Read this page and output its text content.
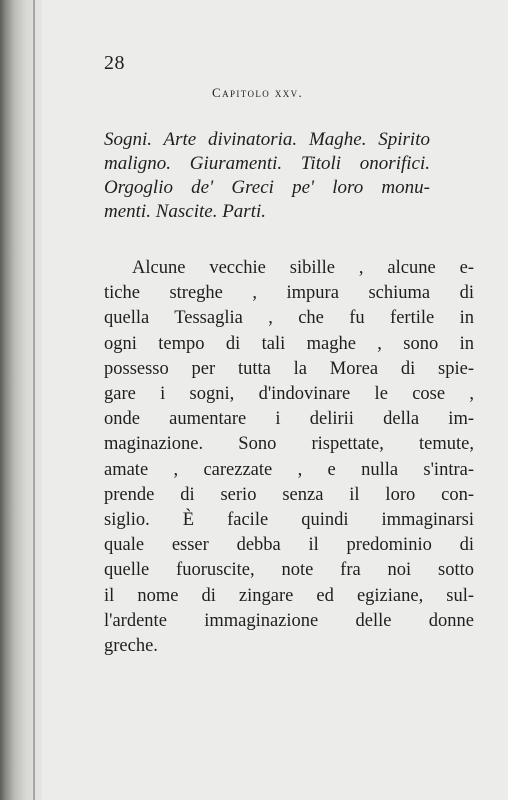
28
Capitolo xxv.
Sogni. Arte divinatoria. Maghe. Spirito
maligno. Giuramenti. Titoli onorifici.
Orgoglio de' Greci pe' loro monu-
menti. Nascite. Parti.
Alcune vecchie sibille , alcune e-
tiche streghe , impura schiuma di
quella Tessaglia , che fu fertile in
ogni tempo di tali maghe , sono in
possesso per tutta la Morea di spie-
gare i sogni, d'indovinare le cose ,
onde aumentare i delirii della im-
maginazione. Sono rispettate, temute,
amate , carezzate , e nulla s'intra-
prende di serio senza il loro con-
siglio. È facile quindi immaginarsi
quale esser debba il predominio di
quelle fuoruscite, note fra noi sotto
il nome di zingare ed egiziane, sul-
l'ardente immaginazione delle donne
greche.
